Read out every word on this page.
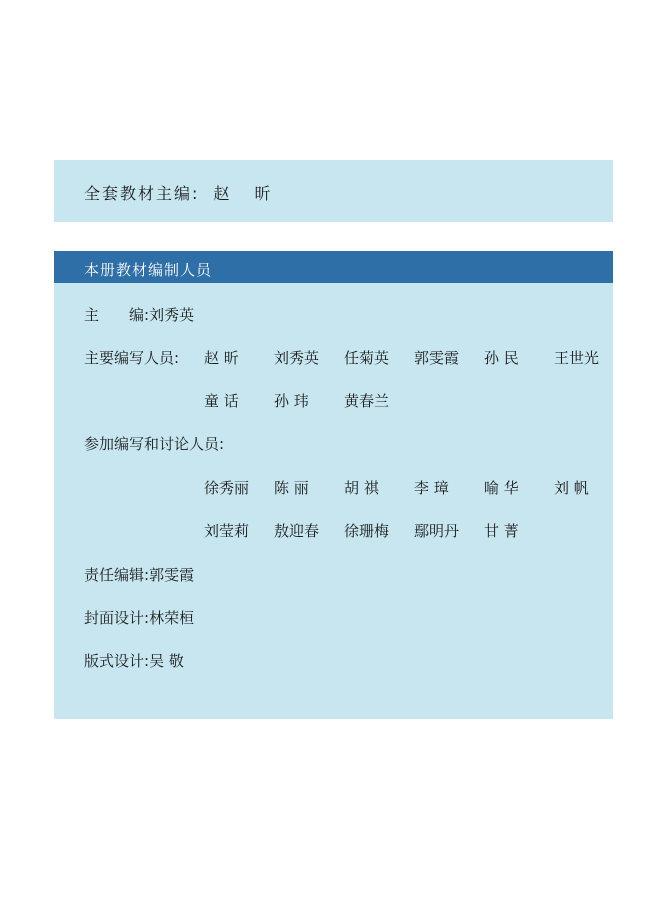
全套教材主编: 赵 昕
本册教材编制人员
主 编:刘秀英
主要编写人员: 赵 昕 刘秀英 任菊英 郭雯霞 孙 民 王世光
童 话 孙 玮 黄春兰
参加编写和讨论人员:
徐秀丽 陈 丽 胡 祺 李 璋 喻 华 刘 帆
刘莹莉 敖迎春 徐珊梅 鄢明丹 甘 菁
责任编辑:郭雯霞
封面设计:林荣桓
版式设计:吴 敬
